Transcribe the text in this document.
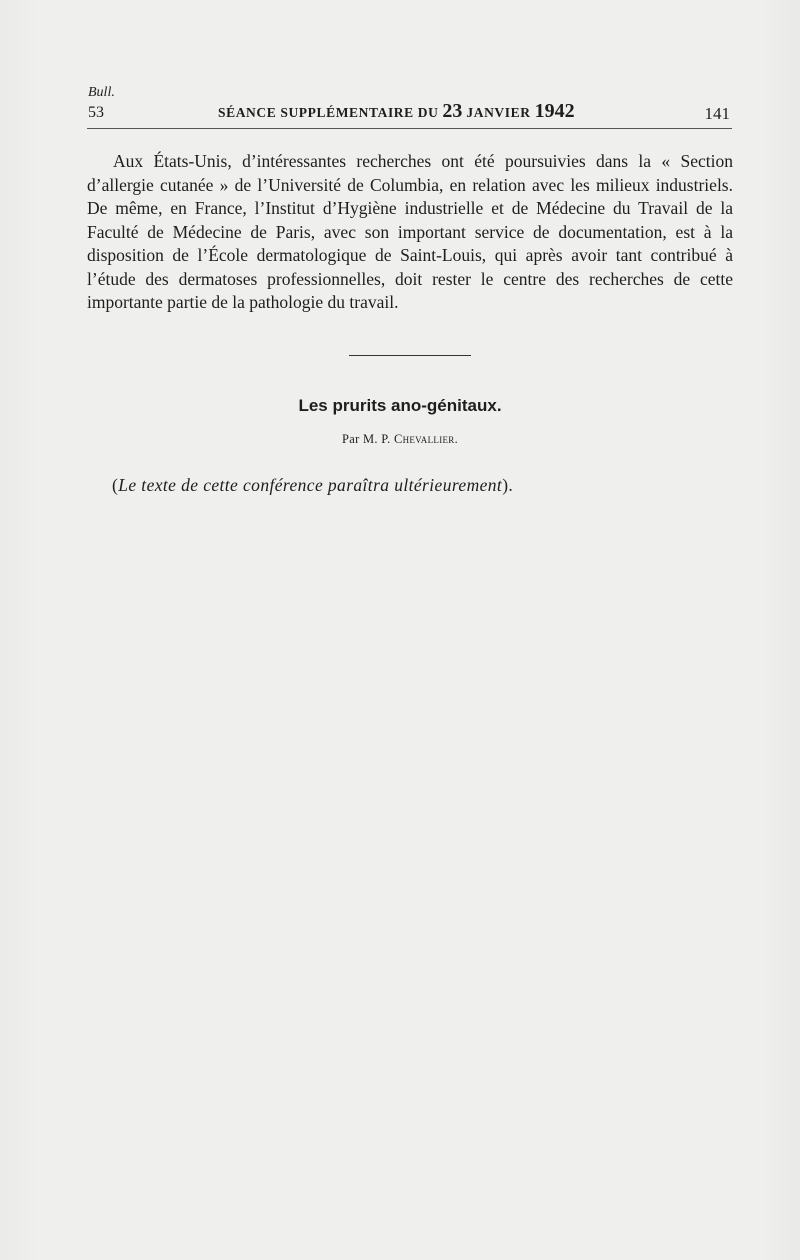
Bull.
53	SÉANCE SUPPLÉMENTAIRE DU 23 JANVIER 1942	141

Aux États-Unis, d’intéressantes recherches ont été poursuivies dans la « Section d’allergie cutanée » de l’Université de Columbia, en relation avec les milieux industriels. De même, en France, l’Institut d’Hygiène industrielle et de Médecine du Travail de la Faculté de Médecine de Paris, avec son important service de documentation, est à la disposition de l’École dermatologique de Saint-Louis, qui après avoir tant contribué à l’étude des dermatoses professionnelles, doit rester le centre des recherches de cette importante partie de la pathologie du travail.

Les prurits ano-génitaux.
Par M. P. Chevallier.
(Le texte de cette conférence paraîtra ultérieurement).
